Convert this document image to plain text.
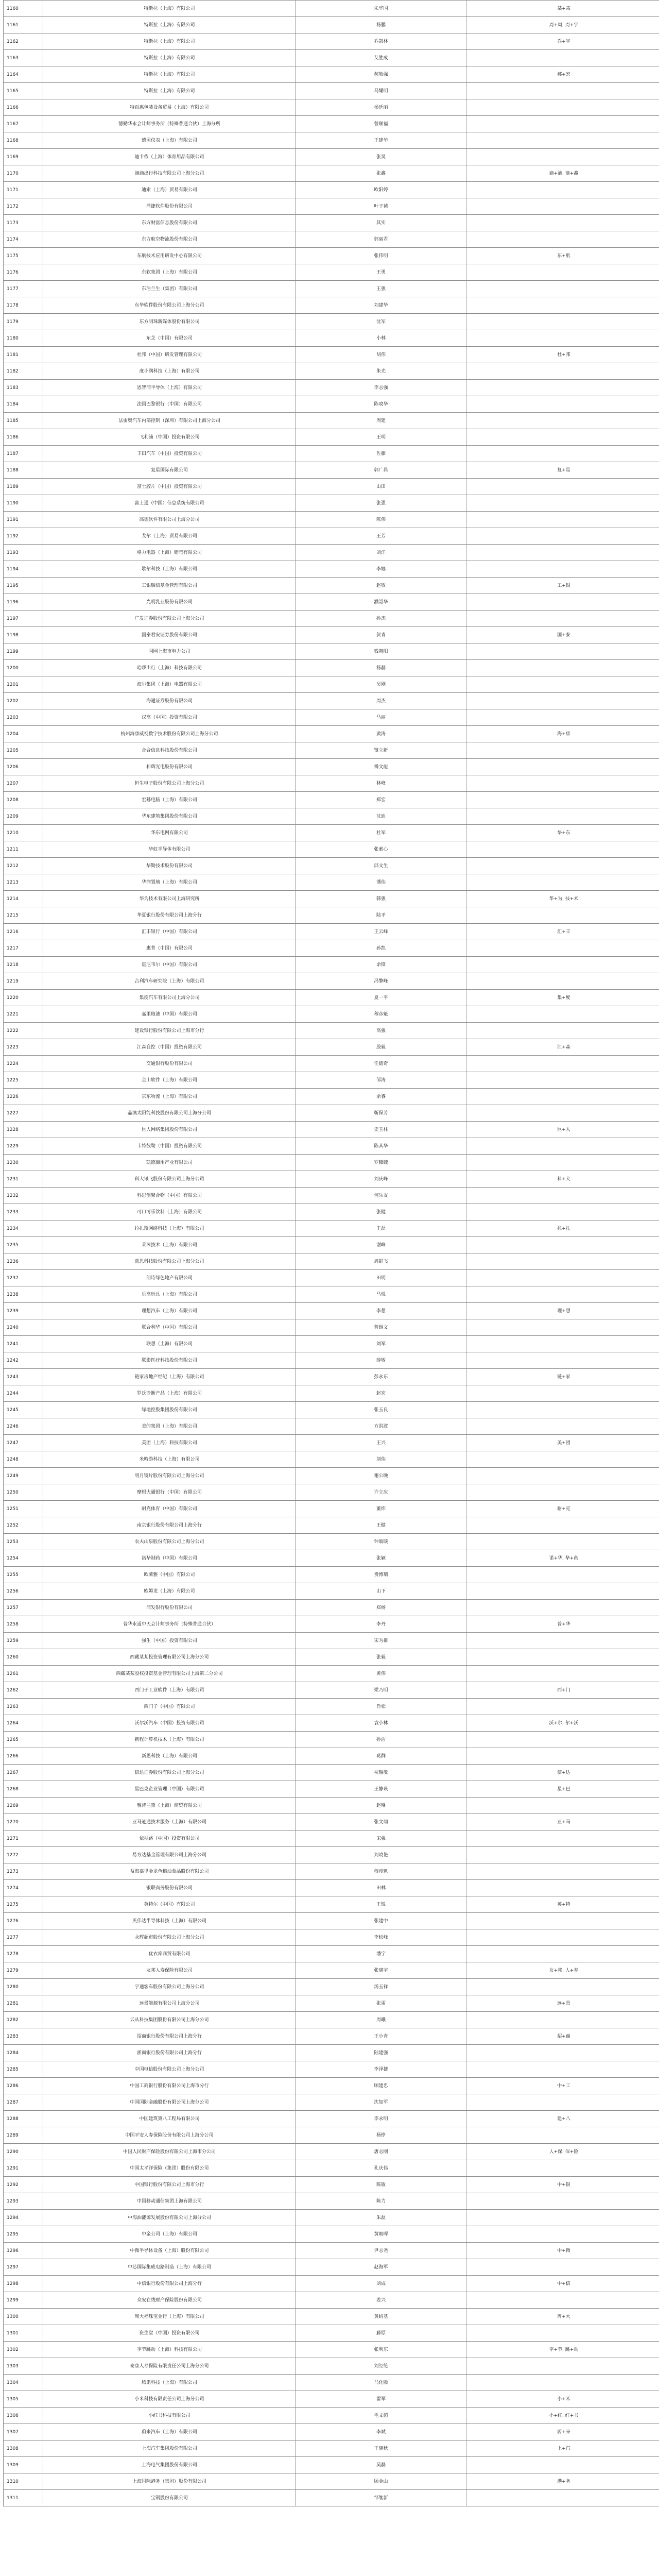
1160	特斯拉（上海）有限公司	朱华国	某+某
1161	特斯拉（上海）有限公司	杨鹏	周+周, 周+宇
1162	特斯拉（上海）有限公司	乔凯林	乔+宇
1163	特斯拉（上海）有限公司	艾胜成	
1164	特斯拉（上海）有限公司	郝敏强	郝+宏
1165	特斯拉（上海）有限公司	马耀明	
1166	特百惠包装设备贸易（上海）有限公司	杨廷丽	
1167	德勤华永会计师事务所（特殊普通合伙）上海分所	曾顺福	
1168	德图仪表（上海）有限公司	王建华	
1169	迪卡侬（上海）体育用品有限公司	张昊	
1170	滴滴出行科技有限公司上海分公司	张鑫	滴+滴, 滴+鑫
1171	迪索（上海）贸易有限公司	欧阳婷	
1172	鼎捷软件股份有限公司	叶子祯	
1173	东方财富信息股份有限公司	其实	
1174	东方航空物流股份有限公司	郭丽君	
1175	东航技术应用研发中心有限公司	张伟明	东+航
1176	东软集团（上海）有限公司	王勇	
1177	东浩兰生（集团）有限公司	王强	
1178	东华软件股份有限公司上海分公司	刘建华	
1179	东方明珠新媒体股份有限公司	沈军	
1180	东芝（中国）有限公司	小林	
1181	杜邦（中国）研发管理有限公司	胡伟	杜+邦
1182	度小满科技（上海）有限公司	朱光	
1183	恩智浦半导体（上海）有限公司	李志强	
1184	法国巴黎银行（中国）有限公司	陈晓华	
1185	法雷奥汽车内部控制（深圳）有限公司上海分公司	周建	
1186	飞利浦（中国）投资有限公司	王明	
1187	丰田汽车（中国）投资有限公司	佐藤	
1188	复星国际有限公司	郭广昌	复+星
1189	富士胶片（中国）投资有限公司	山田	
1190	富士通（中国）信息系统有限公司	张强	
1191	高德软件有限公司上海分公司	陈伟	
1192	戈尔（上海）贸易有限公司	王芳	
1193	格力电器（上海）销售有限公司	刘洋	
1194	歌尔科技（上海）有限公司	李娜	
1195	工银瑞信基金管理有限公司	赵敏	工+银
1196	光明乳业股份有限公司	濮韶华	
1197	广发证券股份有限公司上海分公司	孙杰	
1198	国泰君安证券股份有限公司	贺青	国+泰
1199	国网上海市电力公司	钱朝阳	
1200	哈啰出行（上海）科技有限公司	杨磊	
1201	海尔集团（上海）电器有限公司	吴刚	
1202	海通证券股份有限公司	周杰	
1203	汉高（中国）投资有限公司	马丽	
1204	杭州海康威视数字技术股份有限公司上海分公司	黄涛	海+康
1205	合合信息科技股份有限公司	镇立新	
1206	和辉光电股份有限公司	傅文彪	
1207	恒生电子股份有限公司上海分公司	林峰	
1208	宏碁电脑（上海）有限公司	郑宏	
1209	华东建筑集团股份有限公司	沈迪	
1210	华东电网有限公司	杜军	华+东
1211	华虹半导体有限公司	张素心	
1212	华勤技术股份有限公司	邱文生	
1213	华润置地（上海）有限公司	潘伟	
1214	华为技术有限公司上海研究所	韩强	华+为, 技+术
1215	华夏银行股份有限公司上海分行	陆平	
1216	汇丰银行（中国）有限公司	王云峰	汇+丰
1217	惠普（中国）有限公司	孙凯	
1218	霍尼韦尔（中国）有限公司	余锋	
1219	吉利汽车研究院（上海）有限公司	冯擎峰	
1220	集度汽车有限公司上海分公司	夏一平	集+度
1221	嘉里粮油（中国）有限公司	穆彦魁	
1222	建设银行股份有限公司上海市分行	高强	
1223	江森自控（中国）投资有限公司	殷毅	江+森
1224	交通银行股份有限公司	任德奇	
1225	金山软件（上海）有限公司	邹涛	
1226	京东物流（上海）有限公司	余睿	
1227	晶澳太阳能科技股份有限公司上海分公司	靳保芳	
1228	巨人网络集团股份有限公司	史玉柱	巨+人
1229	卡特彼勒（中国）投资有限公司	陈其华	
1230	凯德商用产业有限公司	罗臻毓	
1231	科大讯飞股份有限公司上海分公司	刘庆峰	科+大
1232	科思创聚合物（中国）有限公司	何乐友	
1233	可口可乐饮料（上海）有限公司	张健	
1234	拉扎斯网络科技（上海）有限公司	王磊	拉+扎
1235	莱茵技术（上海）有限公司	谢峰	
1236	蓝思科技股份有限公司上海分公司	周群飞	
1237	朗诗绿色地产有限公司	田明	
1238	乐高玩具（上海）有限公司	马悦	
1239	理想汽车（上海）有限公司	李想	理+想
1240	联合利华（中国）有限公司	曾锡文	
1241	联想（上海）有限公司	刘军	
1242	联影医疗科技股份有限公司	薛敏	
1243	链家房地产经纪（上海）有限公司	彭永东	链+家
1244	罗氏诊断产品（上海）有限公司	赵宏	
1245	绿地控股集团股份有限公司	张玉良	
1246	美的集团（上海）有限公司	方洪波	
1247	美团（上海）科技有限公司	王兴	美+团
1248	米哈游科技（上海）有限公司	刘伟	
1249	明月镜片股份有限公司上海分公司	谢公晚	
1250	摩根大通银行（中国）有限公司	许立庆	
1251	耐克体育（中国）有限公司	董炜	耐+克
1252	南京银行股份有限公司上海分行	王健	
1253	农夫山泉股份有限公司上海分公司	钟睒睒	
1254	诺华制药（中国）有限公司	张颖	诺+华, 华+药
1255	欧莱雅（中国）有限公司	费博瑞	
1256	欧姆龙（上海）有限公司	山下	
1257	浦发银行股份有限公司	郑杨	
1258	普华永道中天会计师事务所（特殊普通合伙）	李丹	普+华
1259	强生（中国）投资有限公司	宋为群	
1260	西藏某某投资管理有限公司上海分公司	张毅	
1261	西藏某某股权投资基金管理有限公司上海第二分公司	黄伟	
1262	西门子工业软件（上海）有限公司	梁乃明	西+门
1263	西门子（中国）有限公司	肖松	
1264	沃尔沃汽车（中国）投资有限公司	袁小林	沃+尔, 尔+沃
1265	携程计算机技术（上海）有限公司	孙洁	
1266	新思科技（上海）有限公司	葛群	
1267	信达证券股份有限公司上海分公司	祝瑞敏	信+达
1268	星巴克企业管理（中国）有限公司	王静瑛	星+巴
1269	雅诗兰黛（上海）商贸有限公司	赵琳	
1270	亚马逊通技术服务（上海）有限公司	张文翊	亚+马
1271	依视路（中国）投资有限公司	宋强	
1272	易方达基金管理有限公司上海分公司	刘晓艳	
1273	益海嘉里金龙鱼粮油食品股份有限公司	穆彦魁	
1274	银联商务股份有限公司	田林	
1275	英特尔（中国）有限公司	王锐	英+特
1276	英伟达半导体科技（上海）有限公司	张建中	
1277	永辉超市股份有限公司上海分公司	李松峰	
1278	优衣库商贸有限公司	潘宁	
1279	友邦人寿保险有限公司	张晓宇	友+邦, 人+寿
1280	宇通客车股份有限公司上海分公司	汤玉祥	
1281	远景能源有限公司上海分公司	张雷	远+景
1282	云从科技集团股份有限公司上海分公司	周曦	
1283	招商银行股份有限公司上海分行	王小青	招+商
1284	浙商银行股份有限公司上海分行	陆建强	
1285	中国电信股份有限公司上海分公司	李泽捷	
1286	中国工商银行股份有限公司上海市分行	顾建忠	中+工
1287	中国国际金融股份有限公司上海分公司	沈如军	
1288	中国建筑第八工程局有限公司	李永明	建+八
1289	中国平安人寿保险股份有限公司上海分公司	杨铮	
1290	中国人民财产保险股份有限公司上海市分公司	唐志刚	人+保, 保+险
1291	中国太平洋保险（集团）股份有限公司	孔庆伟	
1292	中国银行股份有限公司上海市分行	陈敏	中+银
1293	中国移动通信集团上海有限公司	陈力	
1294	中海油能源发展股份有限公司上海分公司	朱磊	
1295	中金公司（上海）有限公司	黄朝晖	
1296	中微半导体设备（上海）股份有限公司	尹志尧	中+微
1297	中芯国际集成电路制造（上海）有限公司	赵海军	
1298	中信银行股份有限公司上海分行	刘成	中+信
1299	众安在线财产保险股份有限公司	姜兴	
1300	周大福珠宝金行（上海）有限公司	黄绍基	周+大
1301	资生堂（中国）投资有限公司	藤原	
1302	字节跳动（上海）科技有限公司	张利东	字+节, 跳+动
1303	泰康人寿保险有限责任公司上海分公司	刘经纶	
1304	腾讯科技（上海）有限公司	马化腾	
1305	小米科技有限责任公司上海分公司	雷军	小+米
1306	小红书科技有限公司	毛文超	小+红, 红+书
1307	蔚来汽车（上海）有限公司	李斌	蔚+来
1308	上海汽车集团股份有限公司	王晓秋	上+汽
1309	上海电气集团股份有限公司	吴磊	
1310	上海国际港务（集团）股份有限公司	顾金山	港+务
1311	宝钢股份有限公司	邹继新	
